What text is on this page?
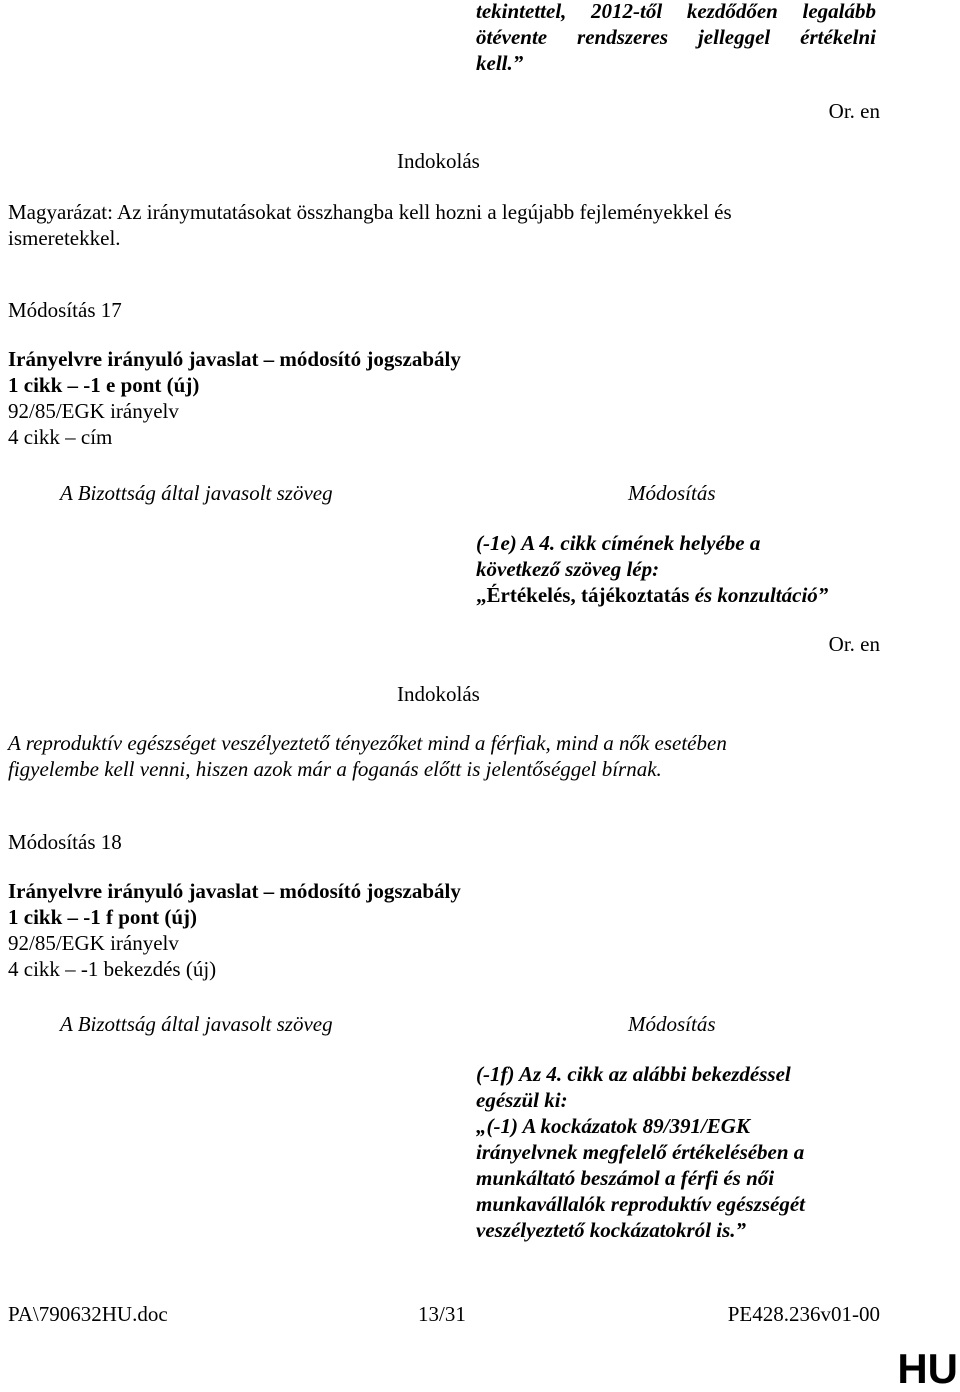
tekintettel, 2012-től kezdődően legalább
ötévente rendszeres jelleggel értékelni
kell.”
Or. en
Indokolás
Magyarázat: Az iránymutatásokat összhangba kell hozni a legújabb fejleményekkel és
ismeretekkel.
Módosítás 17
Irányelvre irányuló javaslat – módosító jogszabály
1 cikk – -1 e pont (új)
92/85/EGK irányelv
4 cikk – cím
A Bizottság által javasolt szöveg	Módosítás
(-1e) A 4. cikk címének helyébe a
következő szöveg lép:
„Értékelés, tájékoztatás és konzultáció”
Or. en
Indokolás
A reproduktív egészséget veszélyeztető tényezőket mind a férfiak, mind a nők esetében
figyelembe kell venni, hiszen azok már a foganás előtt is jelentőséggel bírnak.
Módosítás 18
Irányelvre irányuló javaslat – módosító jogszabály
1 cikk – -1 f pont (új)
92/85/EGK irányelv
4 cikk – -1 bekezdés (új)
A Bizottság által javasolt szöveg	Módosítás
(-1f) Az 4. cikk az alábbi bekezdéssel
egészül ki:
„(-1) A kockázatok 89/391/EGK
irányelvnek megfelelő értékelésében a
munkáltató beszámol a férfi és női
munkavállalók reproduktív egészségét
veszélyeztető kockázatokról is.”
PA\790632HU.doc	13/31	PE428.236v01-00
HU
